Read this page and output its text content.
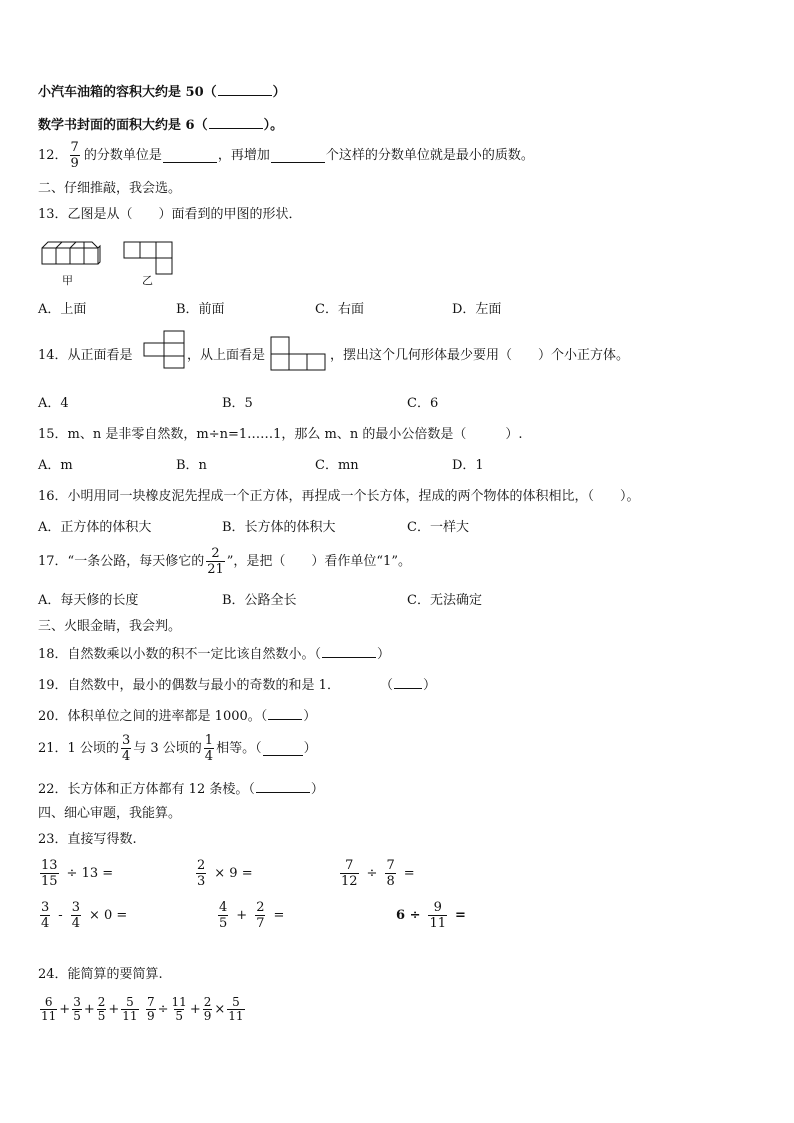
小汽车油箱的容积大约是 50（	）
数学书封面的面积大约是 6（	）。
12． $\frac{7}{9}$ 的分数单位是	，再增加	个这样的分数单位就是最小的质数。
二、仔细推敲，我会选。
13．乙图是从（　　）面看到的甲图的形状．
甲	乙
A．上面	B．前面	C．右面	D．左面
14．从正面看是	，从上面看是	，摆出这个几何形体最少要用（　　）个小正方体。
A．4	B．5	C．6
15．m、n 是非零自然数，m÷n=1……1，那么 m、n 的最小公倍数是（　　　）.
A．m	B．n	C．mn	D．1
16．小明用同一块橡皮泥先捏成一个正方体，再捏成一个长方体，捏成的两个物体的体积相比，（　　）。
A．正方体的体积大	B．长方体的体积大	C．一样大
17．“一条公路，每天修它的 $\frac{2}{21}$ ”，是把（　　）看作单位“1”。
A．每天修的长度	B．公路全长	C．无法确定
三、火眼金睛，我会判。
18．自然数乘以小数的积不一定比该自然数小。（	）
19．自然数中，最小的偶数与最小的奇数的和是 1．	（ ）
20．体积单位之间的进率都是 1000。（	）
21．1 公顷的 $\frac{3}{4}$ 与 3 公顷的 $\frac{1}{4}$ 相等。（	）
22．长方体和正方体都有 12 条棱。（	）
四、细心审题，我能算。
23．直接写得数.
$\frac{13}{15} \div 13$ =	$\frac{2}{3} \times 9$ =	$\frac{7}{12} \div \frac{7}{8}$ =
$\frac{3}{4} - \frac{3}{4} \times 0$ =	$\frac{4}{5} + \frac{2}{7}$ =	$6 \div \frac{9}{11}$ =
24．能简算的要简算.
$\frac{6}{11} + \frac{3}{5} + \frac{2}{5} + \frac{5}{11} \frac{7}{9} \div \frac{11}{5} + \frac{2}{9} \times \frac{5}{11}$
